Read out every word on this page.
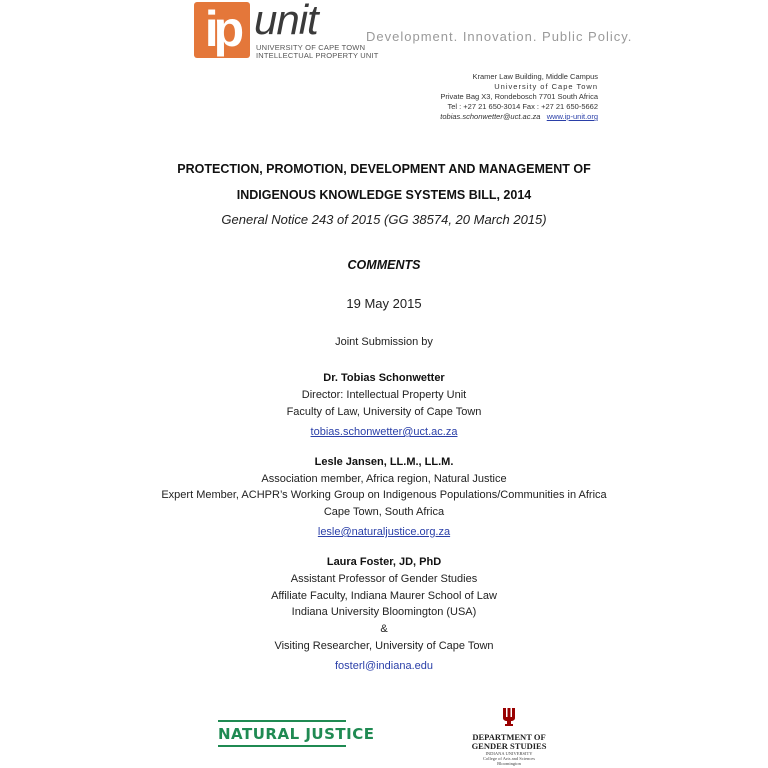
ip unit
UNIVERSITY OF CAPE TOWN
INTELLECTUAL PROPERTY UNIT
Development. Innovation. Public Policy.
Kramer Law Building, Middle Campus
University of Cape Town
Private Bag X3, Rondebosch 7701 South Africa
Tel : +27 21 650-3014 Fax : +27 21 650-5662
tobias.schonwetter@uct.ac.za www.ip-unit.org
PROTECTION, PROMOTION, DEVELOPMENT AND MANAGEMENT OF
INDIGENOUS KNOWLEDGE SYSTEMS BILL, 2014
General Notice 243 of 2015 (GG 38574, 20 March 2015)
COMMENTS
19 May 2015
Joint Submission by
Dr. Tobias Schonwetter
Director: Intellectual Property Unit
Faculty of Law, University of Cape Town
tobias.schonwetter@uct.ac.za
Lesle Jansen, LL.M., LL.M.
Association member, Africa region, Natural Justice
Expert Member, ACHPR’s Working Group on Indigenous Populations/Communities in Africa
Cape Town, South Africa
lesle@naturaljustice.org.za
Laura Foster, JD, PhD
Assistant Professor of Gender Studies
Affiliate Faculty, Indiana Maurer School of Law
Indiana University Bloomington (USA)
&
Visiting Researcher, University of Cape Town
fosterl@indiana.edu
NATURAL JUSTICE	DEPARTMENT OF
GENDER STUDIES
INDIANA UNIVERSITY
College of Arts and Sciences
Bloomington
